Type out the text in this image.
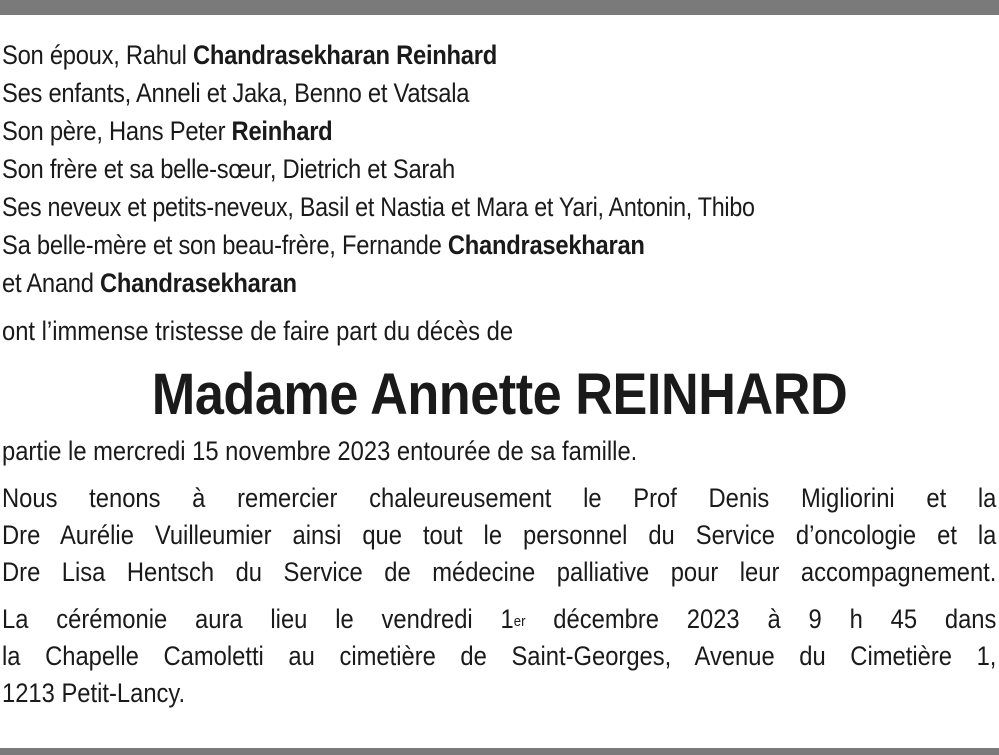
Son époux, Rahul Chandrasekharan Reinhard
Ses enfants, Anneli et Jaka, Benno et Vatsala
Son père, Hans Peter Reinhard
Son frère et sa belle-sœur, Dietrich et Sarah
Ses neveux et petits-neveux, Basil et Nastia et Mara et Yari, Antonin, Thibo
Sa belle-mère et son beau-frère, Fernande Chandrasekharan
et Anand Chandrasekharan
ont l’immense tristesse de faire part du décès de
Madame Annette REINHARD
partie le mercredi 15 novembre 2023 entourée de sa famille.
Nous tenons à remercier chaleureusement le Prof Denis Migliorini et la
Dre Aurélie Vuilleumier ainsi que tout le personnel du Service d’oncologie et la
Dre Lisa Hentsch du Service de médecine palliative pour leur accompagnement.
La cérémonie aura lieu le vendredi 1er décembre 2023 à 9 h 45 dans
la Chapelle Camoletti au cimetière de Saint-Georges, Avenue du Cimetière 1,
1213 Petit-Lancy.
